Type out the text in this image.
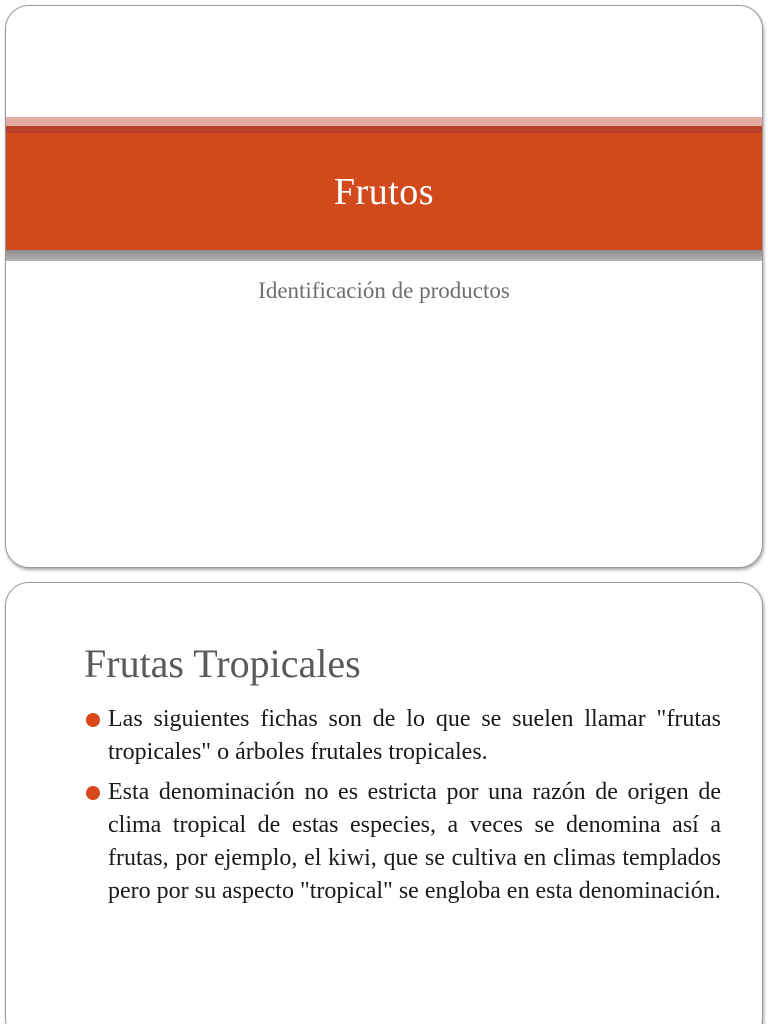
Frutos
Identificación de productos
Frutas Tropicales
Las siguientes fichas son de lo que se suelen llamar "frutas tropicales" o árboles frutales tropicales.
Esta denominación no es estricta por una razón de origen de clima tropical de estas especies, a veces se denomina así a frutas, por ejemplo, el kiwi, que se cultiva en climas templados pero por su aspecto "tropical" se engloba en esta denominación.
